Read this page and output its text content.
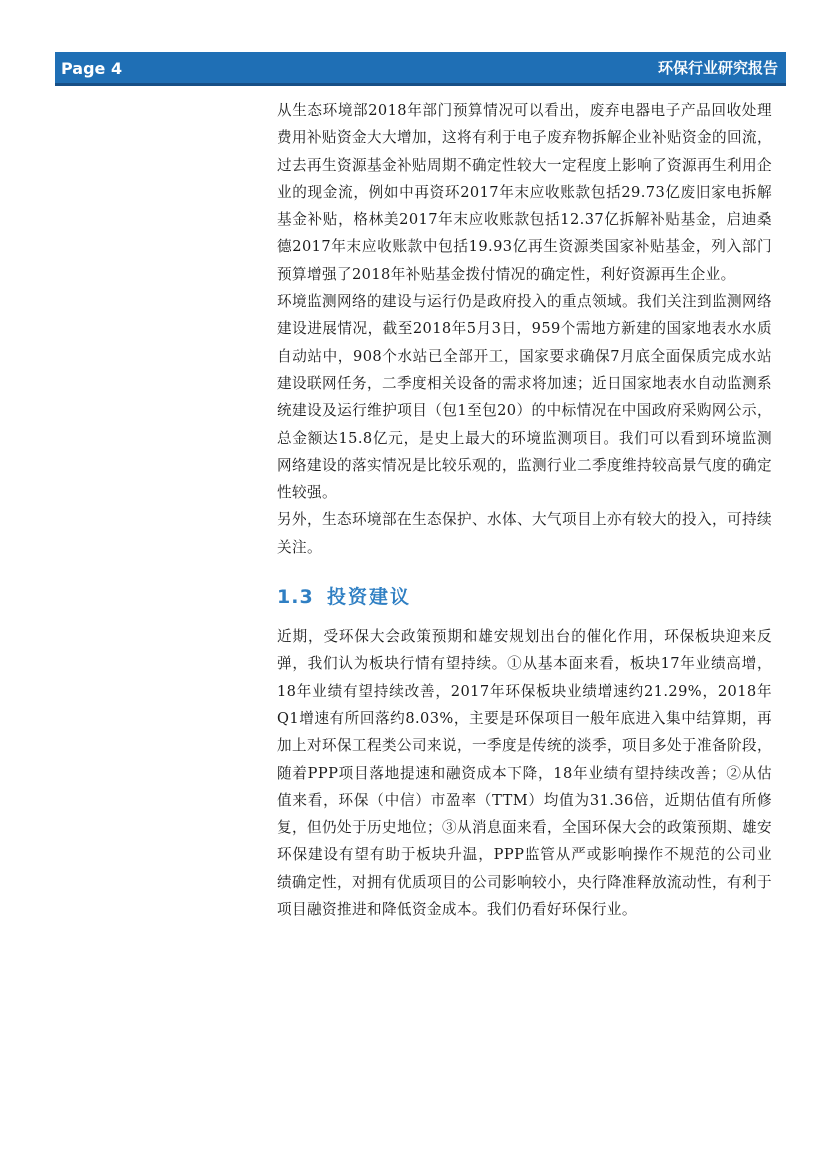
Page 4	环保行业研究报告

从生态环境部2018年部门预算情况可以看出，废弃电器电子产品回收处理费用补贴资金大大增加，这将有利于电子废弃物拆解企业补贴资金的回流，过去再生资源基金补贴周期不确定性较大一定程度上影响了资源再生利用企业的现金流，例如中再资环2017年末应收账款包括29.73亿废旧家电拆解基金补贴，格林美2017年末应收账款包括12.37亿拆解补贴基金，启迪桑德2017年末应收账款中包括19.93亿再生资源类国家补贴基金，列入部门预算增强了2018年补贴基金拨付情况的确定性，利好资源再生企业。

环境监测网络的建设与运行仍是政府投入的重点领域。我们关注到监测网络建设进展情况，截至2018年5月3日，959个需地方新建的国家地表水水质自动站中，908个水站已全部开工，国家要求确保7月底全面保质完成水站建设联网任务，二季度相关设备的需求将加速；近日国家地表水自动监测系统建设及运行维护项目（包1至包20）的中标情况在中国政府采购网公示，总金额达15.8亿元，是史上最大的环境监测项目。我们可以看到环境监测网络建设的落实情况是比较乐观的，监测行业二季度维持较高景气度的确定性较强。

另外，生态环境部在生态保护、水体、大气项目上亦有较大的投入，可持续关注。

1.3 投资建议

近期，受环保大会政策预期和雄安规划出台的催化作用，环保板块迎来反弹，我们认为板块行情有望持续。①从基本面来看，板块17年业绩高增，18年业绩有望持续改善，2017年环保板块业绩增速约21.29%，2018年Q1增速有所回落约8.03%，主要是环保项目一般年底进入集中结算期，再加上对环保工程类公司来说，一季度是传统的淡季，项目多处于准备阶段，随着PPP项目落地提速和融资成本下降，18年业绩有望持续改善；②从估值来看，环保（中信）市盈率（TTM）均值为31.36倍，近期估值有所修复，但仍处于历史地位；③从消息面来看，全国环保大会的政策预期、雄安环保建设有望有助于板块升温，PPP监管从严或影响操作不规范的公司业绩确定性，对拥有优质项目的公司影响较小，央行降准释放流动性，有利于项目融资推进和降低资金成本。我们仍看好环保行业。
